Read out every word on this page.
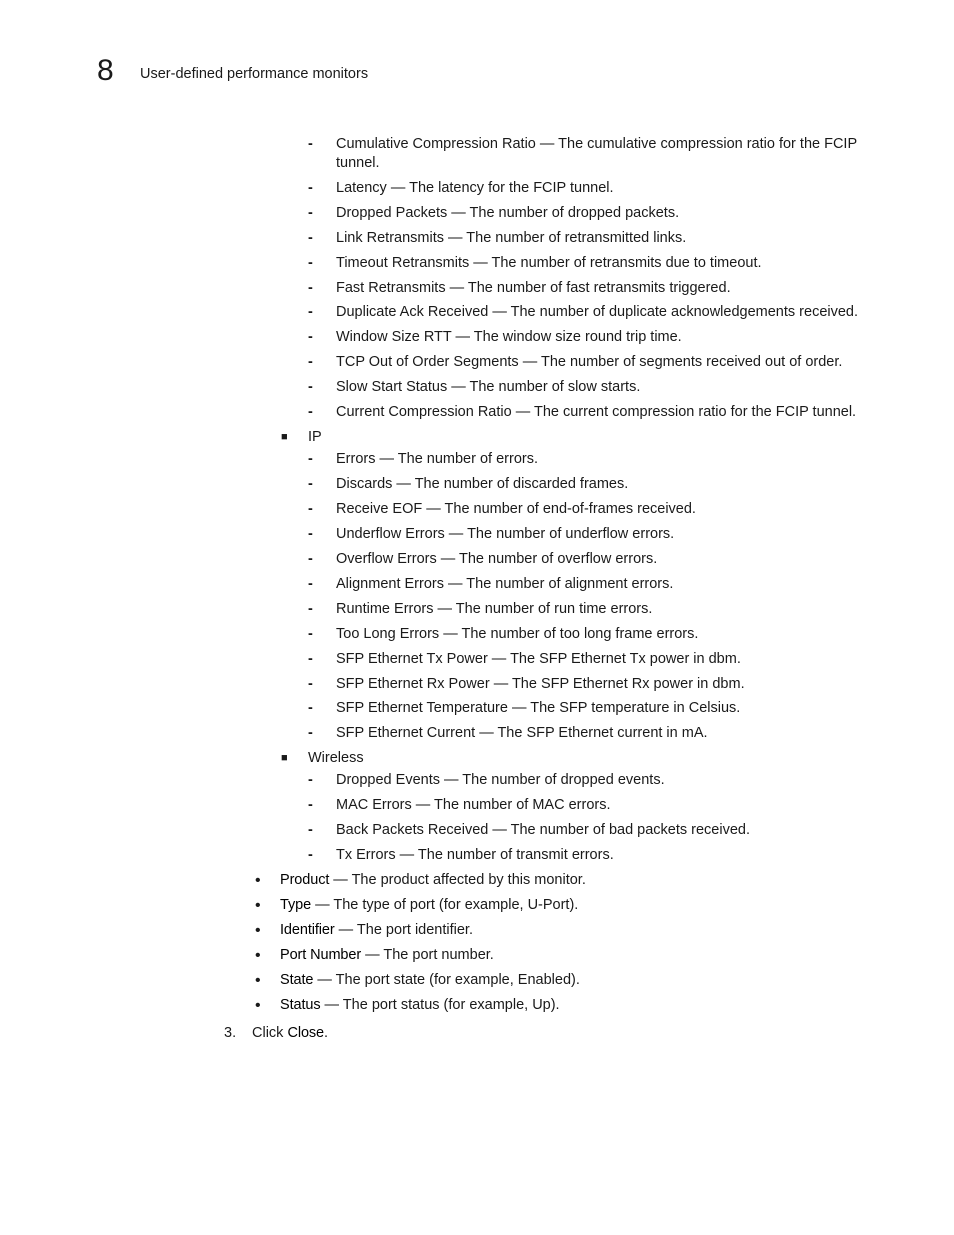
8 User-defined performance monitors
- Cumulative Compression Ratio — The cumulative compression ratio for the FCIP
tunnel.
- Latency — The latency for the FCIP tunnel.
- Dropped Packets — The number of dropped packets.
- Link Retransmits — The number of retransmitted links.
- Timeout Retransmits — The number of retransmits due to timeout.
- Fast Retransmits — The number of fast retransmits triggered.
- Duplicate Ack Received — The number of duplicate acknowledgements received.
- Window Size RTT — The window size round trip time.
- TCP Out of Order Segments — The number of segments received out of order.
- Slow Start Status — The number of slow starts.
- Current Compression Ratio — The current compression ratio for the FCIP tunnel.
■ IP
- Errors — The number of errors.
- Discards — The number of discarded frames.
- Receive EOF — The number of end-of-frames received.
- Underflow Errors — The number of underflow errors.
- Overflow Errors — The number of overflow errors.
- Alignment Errors — The number of alignment errors.
- Runtime Errors — The number of run time errors.
- Too Long Errors — The number of too long frame errors.
- SFP Ethernet Tx Power — The SFP Ethernet Tx power in dbm.
- SFP Ethernet Rx Power — The SFP Ethernet Rx power in dbm.
- SFP Ethernet Temperature — The SFP temperature in Celsius.
- SFP Ethernet Current — The SFP Ethernet current in mA.
■ Wireless
- Dropped Events — The number of dropped events.
- MAC Errors — The number of MAC errors.
- Back Packets Received — The number of bad packets received.
- Tx Errors — The number of transmit errors.
• Product — The product affected by this monitor.
• Type — The type of port (for example, U-Port).
• Identifier — The port identifier.
• Port Number — The port number.
• State — The port state (for example, Enabled).
• Status — The port status (for example, Up).
3. Click Close.
